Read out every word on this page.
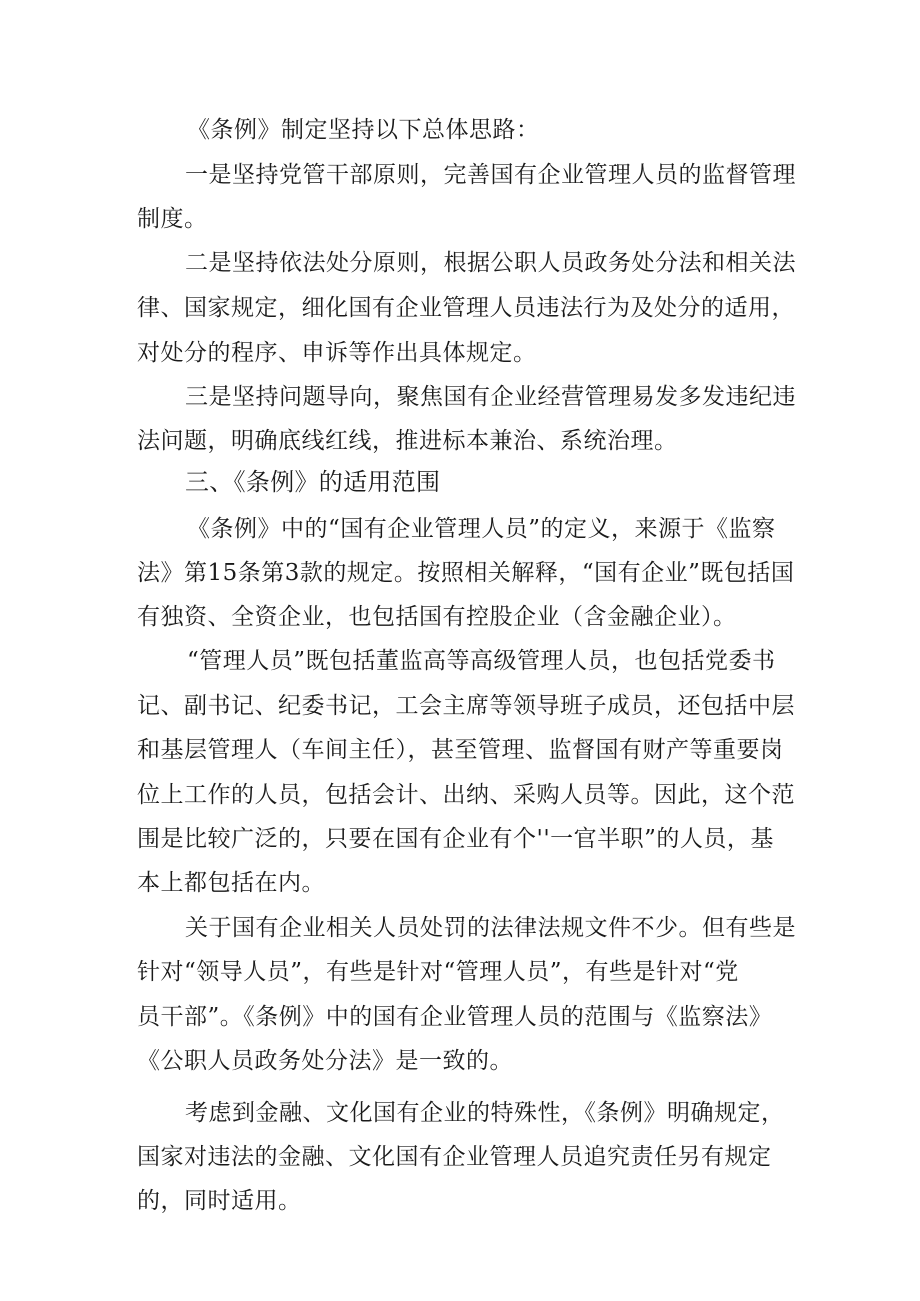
《条例》制定坚持以下总体思路：
一是坚持党管干部原则，完善国有企业管理人员的监督管理
制度。
二是坚持依法处分原则，根据公职人员政务处分法和相关法
律、国家规定，细化国有企业管理人员违法行为及处分的适用，
对处分的程序、申诉等作出具体规定。
三是坚持问题导向，聚焦国有企业经营管理易发多发违纪违
法问题，明确底线红线，推进标本兼治、系统治理。
三、《条例》的适用范围
《条例》中的“国有企业管理人员”的定义，来源于《监察
法》第15条第3款的规定。按照相关解释，“国有企业”既包括国
有独资、全资企业，也包括国有控股企业（含金融企业）。
“管理人员”既包括董监高等高级管理人员，也包括党委书
记、副书记、纪委书记，工会主席等领导班子成员，还包括中层
和基层管理人（车间主任），甚至管理、监督国有财产等重要岗
位上工作的人员，包括会计、出纳、采购人员等。因此，这个范
围是比较广泛的，只要在国有企业有个''一官半职”的人员，基
本上都包括在内。
关于国有企业相关人员处罚的法律法规文件不少。但有些是
针对“领导人员”，有些是针对“管理人员”，有些是针对“党
员干部”。《条例》中的国有企业管理人员的范围与《监察法》
《公职人员政务处分法》是一致的。
考虑到金融、文化国有企业的特殊性，《条例》明确规定，
国家对违法的金融、文化国有企业管理人员追究责任另有规定
的，同时适用。
